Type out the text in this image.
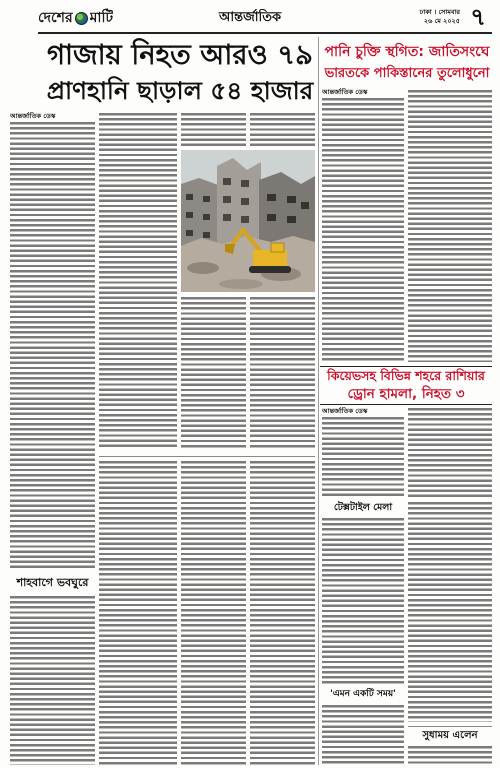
দেশের মাটি	আন্তর্জাতিক	ঢাকা । সোমবার
২৬ মে ২০২৫ ৭
গাজায় নিহত আরও ৭৯
প্রাণহানি ছাড়াল ৫৪ হাজার
আন্তর্জাতিক ডেস্ক
পানি চুক্তি স্থগিত: জাতিসংঘে
ভারতকে পাকিস্তানের তুলোধুনো
আন্তর্জাতিক ডেস্ক
কিয়েভসহ বিভিন্ন শহরে রাশিয়ার
ড্রোন হামলা, নিহত ৩
আন্তর্জাতিক ডেস্ক
শাহবাগে ভবঘুরে
টেক্সটাইল মেলা
'এমন একটি সময়'
সুধাময় এলেন
